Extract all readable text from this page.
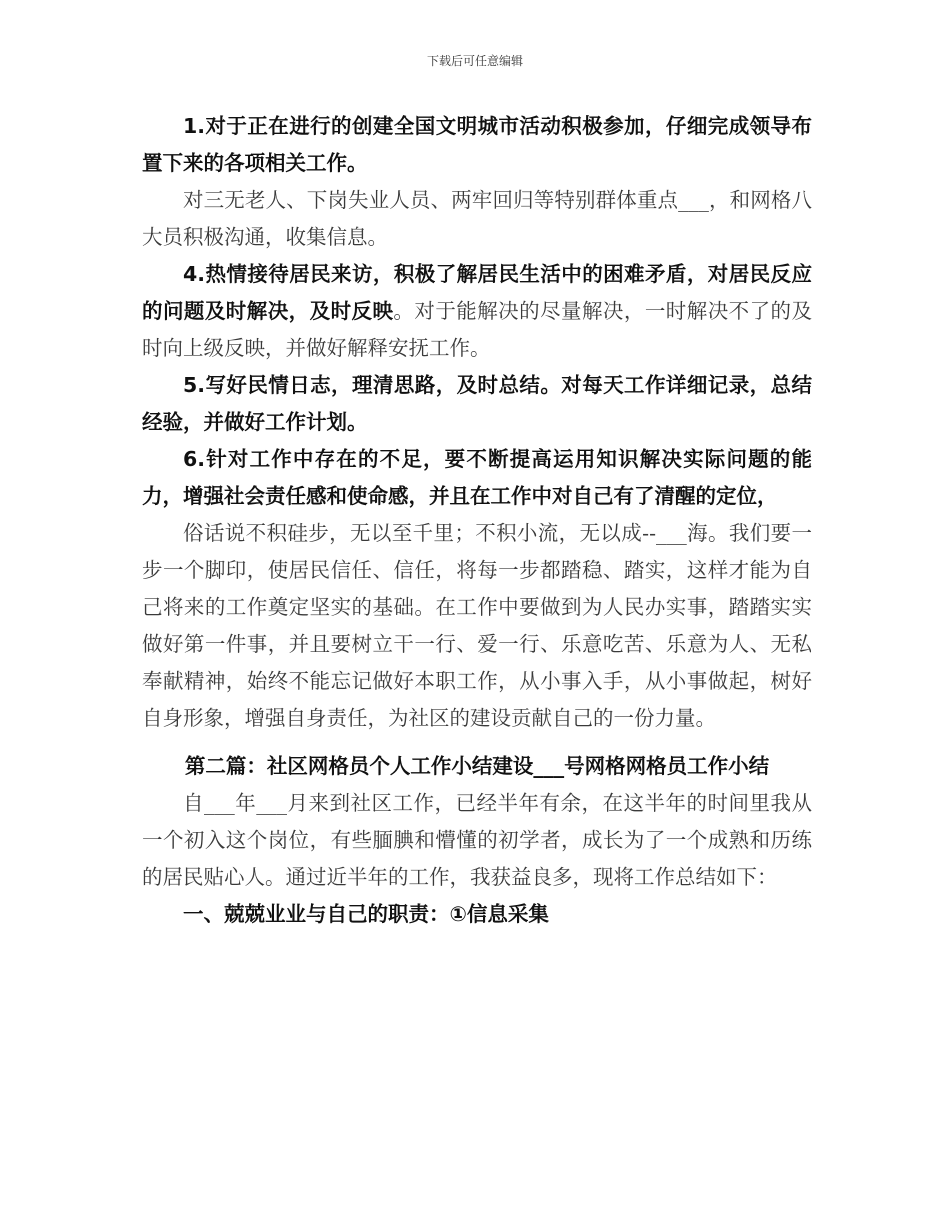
下载后可任意编辑

1.对于正在进行的创建全国文明城市活动积极参加，仔细完成领导布置下来的各项相关工作。

对三无老人、下岗失业人员、两牢回归等特别群体重点___，和网格八大员积极沟通，收集信息。

4.热情接待居民来访，积极了解居民生活中的困难矛盾，对居民反应的问题及时解决，及时反映。对于能解决的尽量解决，一时解决不了的及时向上级反映，并做好解释安抚工作。

5.写好民情日志，理清思路，及时总结。对每天工作详细记录，总结经验，并做好工作计划。

6.针对工作中存在的不足，要不断提高运用知识解决实际问题的能力，增强社会责任感和使命感，并且在工作中对自己有了清醒的定位，

俗话说不积硅步，无以至千里；不积小流，无以成--___海。我们要一步一个脚印，使居民信任、信任，将每一步都踏稳、踏实，这样才能为自己将来的工作奠定坚实的基础。在工作中要做到为人民办实事，踏踏实实做好第一件事，并且要树立干一行、爱一行、乐意吃苦、乐意为人、无私奉献精神，始终不能忘记做好本职工作，从小事入手，从小事做起，树好自身形象，增强自身责任，为社区的建设贡献自己的一份力量。

第二篇：社区网格员个人工作小结建设___号网格网格员工作小结

自___年___月来到社区工作，已经半年有余，在这半年的时间里我从一个初入这个岗位，有些腼腆和懵懂的初学者，成长为了一个成熟和历练的居民贴心人。通过近半年的工作，我获益良多，现将工作总结如下：

一、兢兢业业与自己的职责：①信息采集
